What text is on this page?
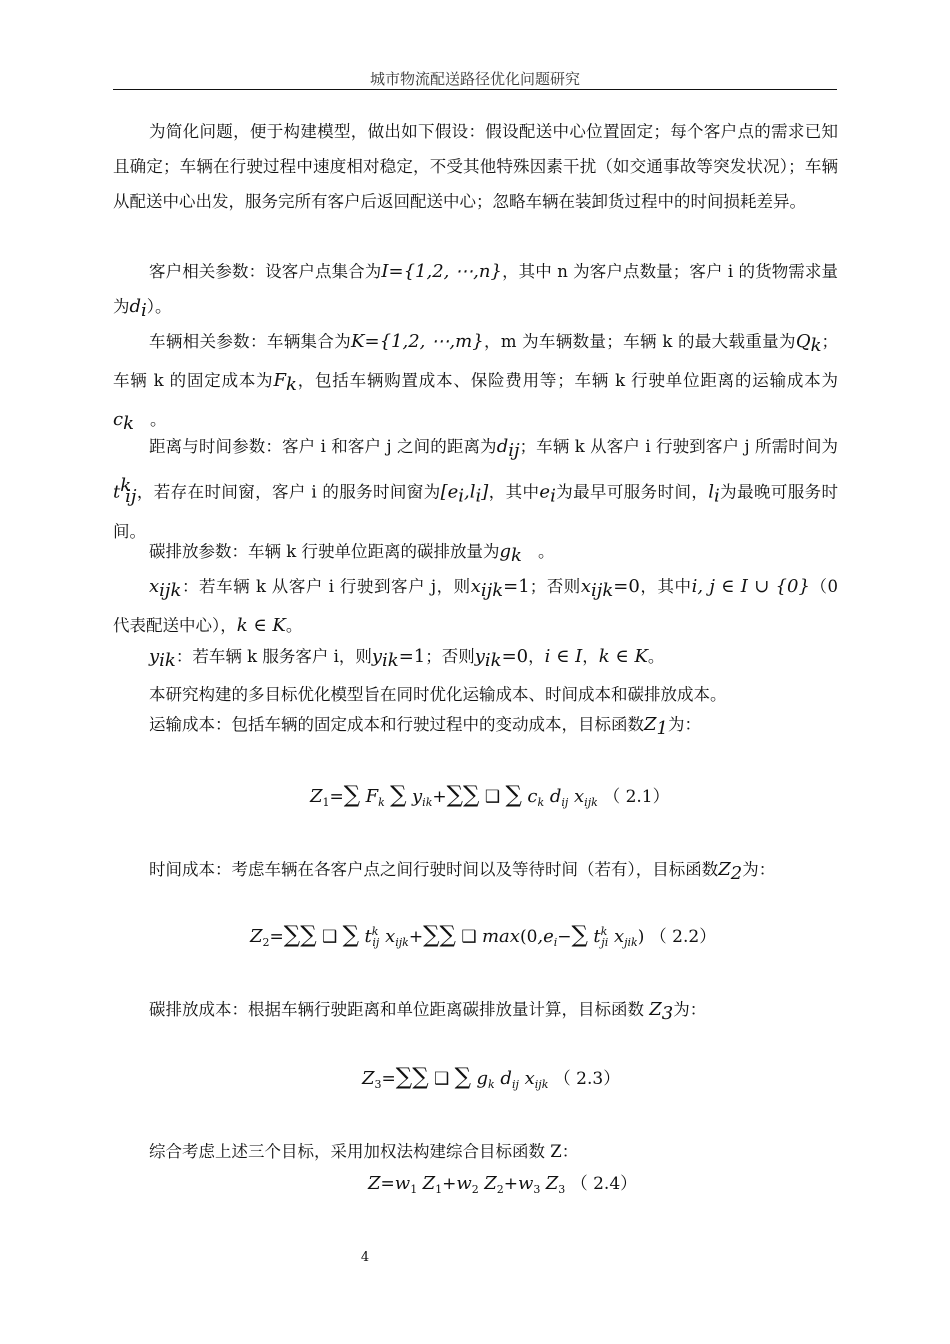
城市物流配送路径优化问题研究

为简化问题，便于构建模型，做出如下假设：假设配送中心位置固定；每个客户点的需求已知且确定；车辆在行驶过程中速度相对稳定，不受其他特殊因素干扰（如交通事故等突发状况）；车辆从配送中心出发，服务完所有客户后返回配送中心；忽略车辆在装卸货过程中的时间损耗差异。

客户相关参数：设客户点集合为I={1,2, ⋯,n}，其中 n 为客户点数量；客户 i 的货物需求量为$d_i$）。

车辆相关参数：车辆集合为K={1,2, ⋯,m}，m 为车辆数量；车辆 k 的最大载重量为$Q_k$；车辆 k 的固定成本为$F_k$，包括车辆购置成本、保险费用等；车辆 k 行驶单位距离的运输成本为$c_k$ 。

距离与时间参数：客户 i 和客户 j 之间的距离为$d_{ij}$；车辆 k 从客户 i 行驶到客户 j 所需时间为$t^k_{ij}$，若存在时间窗，客户 i 的服务时间窗为$[e_i,l_i]$，其中$e_i$为最早可服务时间，$l_i$为最晚可服务时间。

碳排放参数：车辆 k 行驶单位距离的碳排放量为$g_k$ 。

$x_{ijk}$：若车辆 k 从客户 i 行驶到客户 j，则$x_{ijk}=1$；否则$x_{ijk}=0$，其中i, j ∈ I ∪ {0}（0 代表配送中心），k ∈ K。

$y_{ik}$：若车辆 k 服务客户 i，则$y_{ik}=1$；否则$y_{ik}=0$，i ∈ I，k ∈ K。

本研究构建的多目标优化模型旨在同时优化运输成本、时间成本和碳排放成本。

运输成本：包括车辆的固定成本和行驶过程中的变动成本，目标函数$Z_1$为：

$Z_1=\sum$ $F_k$ ∑ $y_{ik}+\sum\sum$ ❑ ∑ $c_k$ $d_{ij}$ $x_{ijk}$ （ 2.1）

时间成本：考虑车辆在各客户点之间行驶时间以及等待时间（若有），目标函数$Z_2$为：

$Z_2=\sum\sum$ ❑ ∑ $t^k_{ij}$ $x_{ijk}+\sum\sum$ ❑ $\max(0,e_i-\sum$ $t^k_{ji}$ $x_{jik}$) （ 2.2）

碳排放成本：根据车辆行驶距离和单位距离碳排放量计算，目标函数 $Z_3$为：

$Z_3=\sum\sum$ ❑ ∑ $g_k$ $d_{ij}$ $x_{ijk}$ （ 2.3）

综合考虑上述三个目标，采用加权法构建综合目标函数 Z：

$Z=w_1$ $Z_1+w_2$ $Z_2+w_3$ $Z_3$ （ 2.4）
4
